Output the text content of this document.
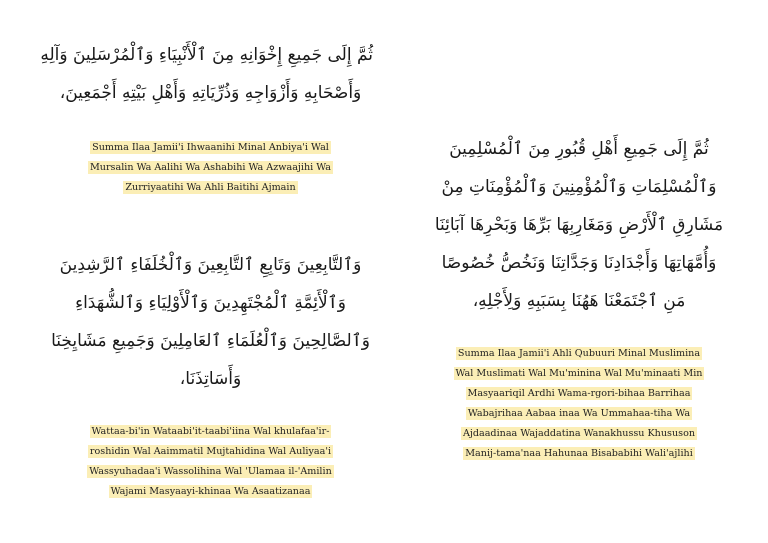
ثُمَّ إِلَى جَمِيعِ إِخْوَانِهِ مِنَ ٱلْأَنْبِيَاءِ وَٱلْمُرْسَلِينَ وَآلِهِ
وَأَصْحَابِهِ وَأَزْوَاجِهِ وَذُرِّيَاتِهِ وَأَهْلِ بَيْتِهِ أَجْمَعِينَ،
Summa Ilaa Jamii'i Ihwaanihi Minal Anbiya'i Wal
Mursalin Wa Aalihi Wa Ashabihi Wa Azwaajihi Wa
Zurriyaatihi Wa Ahli Baitihi Ajmain
وَٱلتَّابِعِينَ وَتَابِعِ ٱلتَّابِعِينَ وَٱلْخُلَفَاءِ ٱلرَّشِدِينَ
وَٱلْأَئِمَّةِ ٱلْمُجْتَهِدِينَ وَٱلْأَوْلِيَاءِ وَٱلشُّهَدَاءِ
وَٱلصَّالِحِينَ وَٱلْعُلَمَاءِ ٱلعَامِلِينَ وَجَمِيعِ مَشَايِخِنَا
وَأَسَاتِذَنَا،
Wattaa-bi'in Wataabi'it-taabi'iina Wal khulafaa'ir-
roshidin Wal Aaimmatil Mujtahidina Wal Auliyaa'i
Wassyuhadaa'i Wassolihina Wal 'Ulamaa il-'Amilin
Wajami Masyaayi-khinaa Wa Asaatizanaa
ثُمَّ إِلَى جَمِيعِ أَهْلِ قُبُورِ مِنَ ٱلْمُسْلِمِينَ
وَٱلْمُسْلِمَاتِ وَٱلْمُؤْمِنِينَ وَٱلْمُؤْمِنَاتِ مِنْ
مَشَارِقِ ٱلْأَرْضِ وَمَغَارِبِهَا بَرِّهَا وَبَحْرِهَا آبَائِنَا
وَأُمَّهَاتِهَا وَأَجْدَادِنَا وَجَدَّاتِنَا وَنَخُصُّ خُصُوصًا
مَنِ ٱجْتَمَعْنَا هَهُنَا بِسَبَبِهِ وَلِأَجْلِهِ،
Summa Ilaa Jamii'i Ahli Qubuuri Minal Muslimina
Wal Muslimati Wal Mu'minina Wal Mu'minaati Min
Masyaariqil Ardhi Wama-rgori-bihaa Barrihaa
Wabajrihaa Aabaa inaa Wa Ummahaa-tiha Wa
Ajdaadinaa Wajaddatina Wanakhussu Khususon
Manij-tama'naa Hahunaa Bisababihi Wali'ajlihi
